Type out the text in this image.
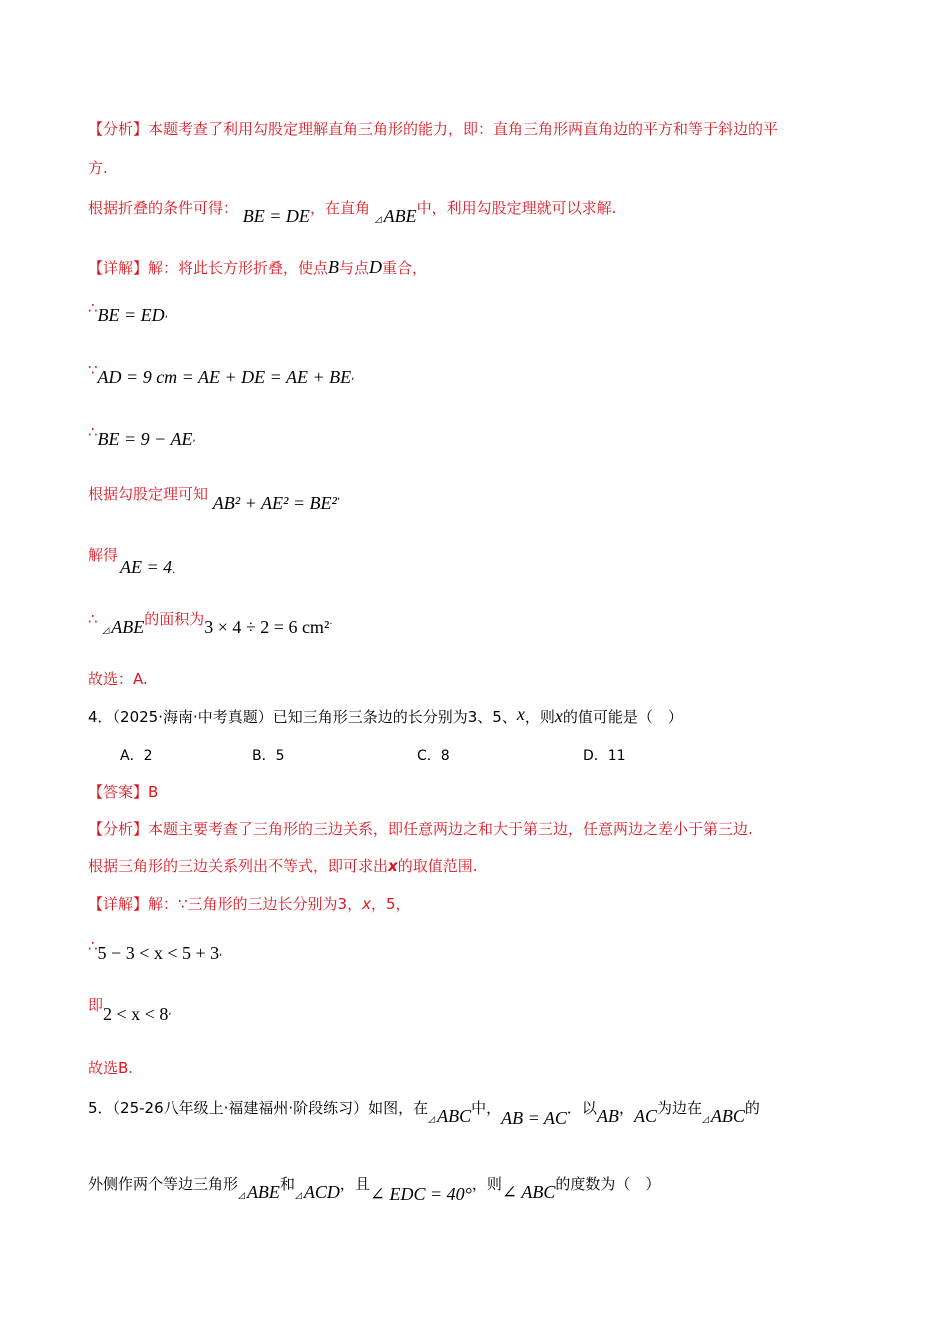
【分析】本题考查了利用勾股定理解直角三角形的能力，即：直角三角形两直角边的平方和等于斜边的平
方.
根据折叠的条件可得： BE = DE，在直角 $_◿$ ABE中，利用勾股定理就可以求解.
【详解】解：将此长方形折叠，使点B与点D重合，
∴BE = ED,
∵AD = 9 cm = AE + DE = AE + BE,
∴BE = 9 − AE,
根据勾股定理可知 AB² + AE² = BE²,
解得
AE = 4.
∴ $_◿$ ABE的面积为3 × 4 ÷ 2 = 6 cm².
故选：A.
4．（2025·海南·中考真题）已知三角形三条边的长分别为3、5、x，则x的值可能是（　）
A．2	B．5	C．8	D．11
【答案】B
【分析】本题主要考查了三角形的三边关系，即任意两边之和大于第三边，任意两边之差小于第三边.
根据三角形的三边关系列出不等式，即可求出x的取值范围.
【详解】解：∵三角形的三边长分别为3，x，5，
∴5 − 3 < x < 5 + 3,
即2 < x < 8,
故选B.
5．（25-26八年级上·福建福州·阶段练习）如图，在$_◿$ ABC中，AB = AC．以AB，AC为边在$_◿$ ABC的
外侧作两个等边三角形$_◿$ ABE和$_◿$ ACD，且∠ EDC = 40°，则∠ ABC的度数为（　）
